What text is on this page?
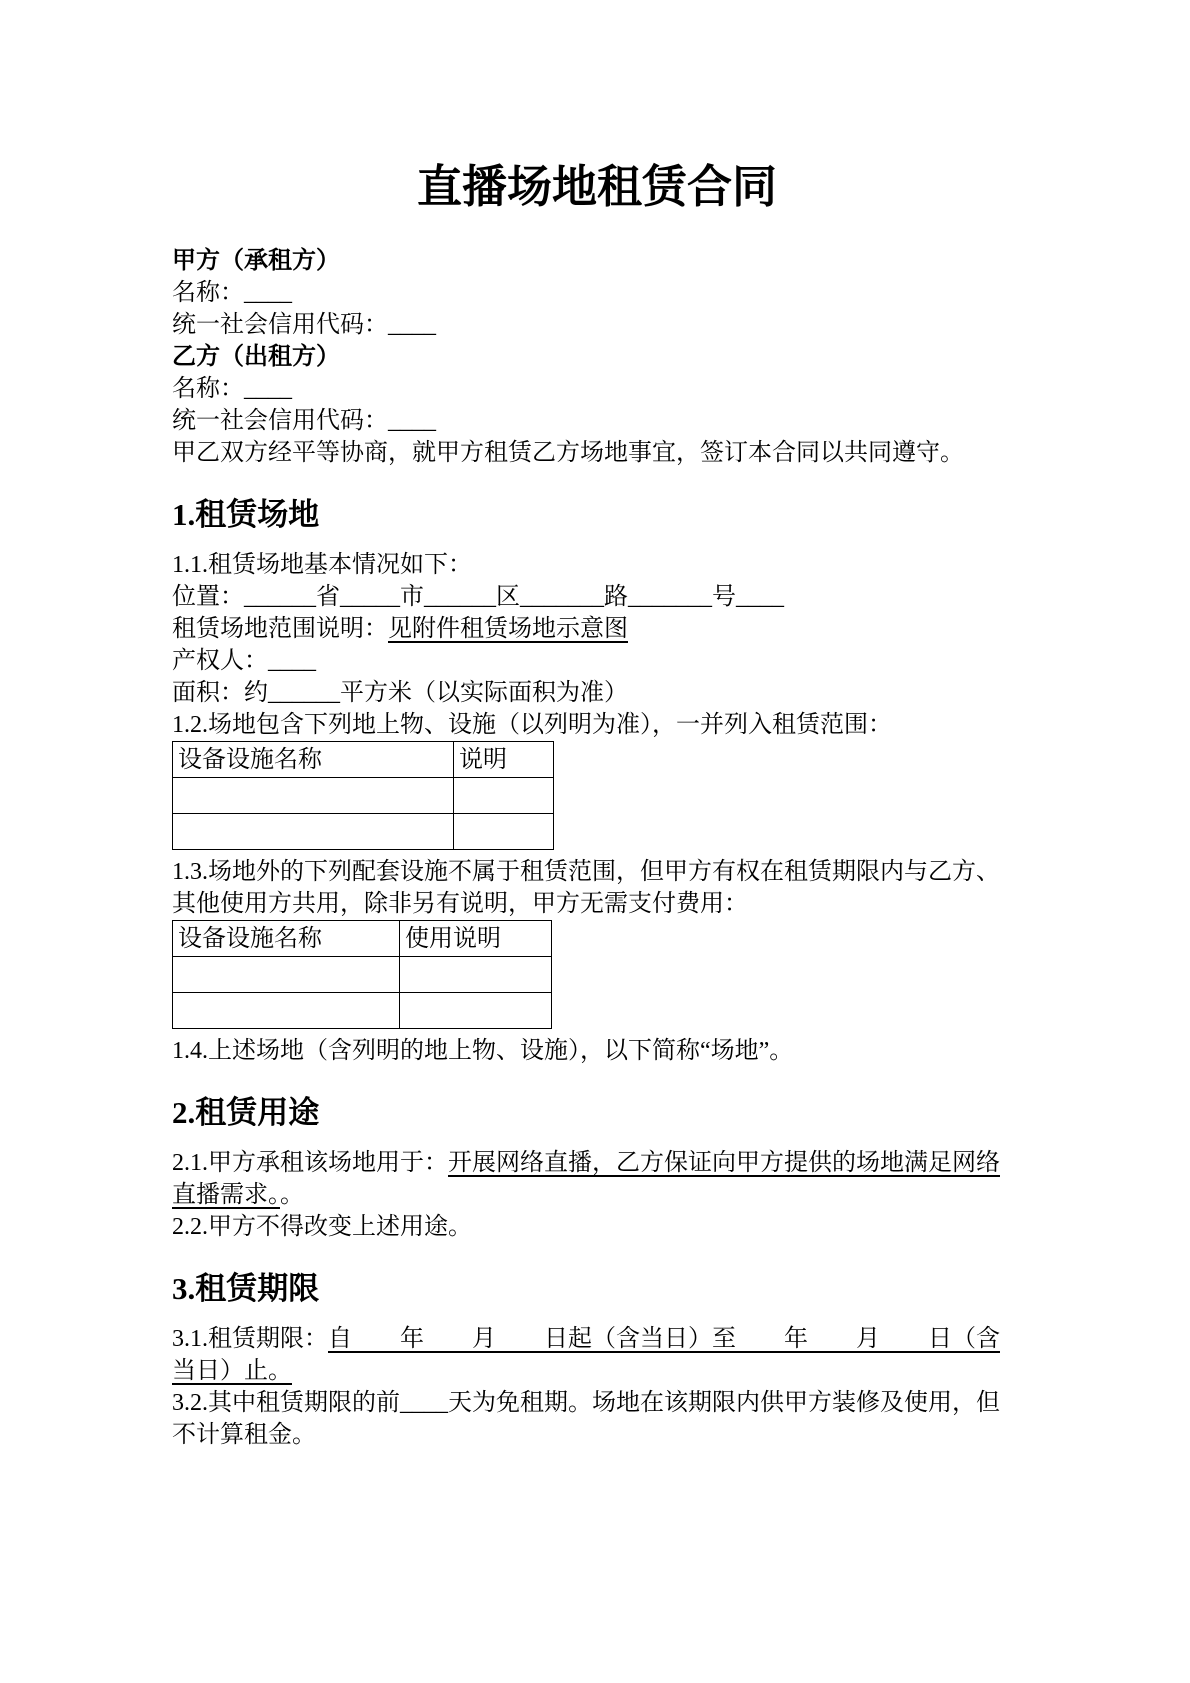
直播场地租赁合同

甲方（承租方）

名称：____

统一社会信用代码：____

乙方（出租方）

名称：____

统一社会信用代码：____

甲乙双方经平等协商，就甲方租赁乙方场地事宜，签订本合同以共同遵守。

1.租赁场地

1.1.租赁场地基本情况如下：

位置：______省_____市______区_______路_______号____

租赁场地范围说明：见附件租赁场地示意图

产权人：____

面积：约______平方米（以实际面积为准）

1.2.场地包含下列地上物、设施（以列明为准），一并列入租赁范围：

设备设施名称	说明

1.3.场地外的下列配套设施不属于租赁范围，但甲方有权在租赁期限内与乙方、其他使用方共用，除非另有说明，甲方无需支付费用：

设备设施名称	使用说明

1.4.上述场地（含列明的地上物、设施），以下简称“场地”。

2.租赁用途

2.1.甲方承租该场地用于：开展网络直播，乙方保证向甲方提供的场地满足网络直播需求。。

2.2.甲方不得改变上述用途。

3.租赁期限

3.1.租赁期限：自　　年　　月　　日起（含当日）至　　年　　月　　日（含当日）止。

3.2.其中租赁期限的前____天为免租期。场地在该期限内供甲方装修及使用，但不计算租金。
